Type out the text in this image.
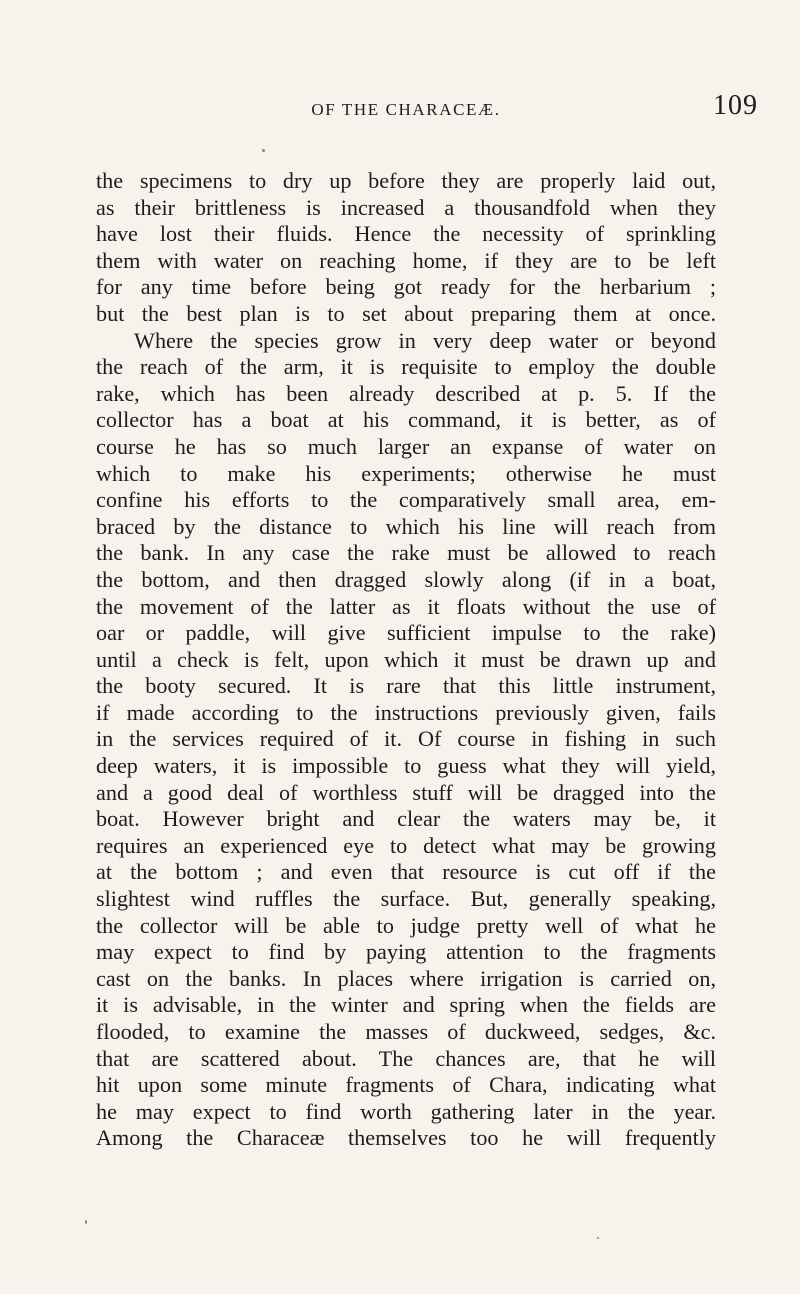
OF THE CHARACEÆ.	109
the specimens to dry up before they are properly laid out,
as their brittleness is increased a thousandfold when they
have lost their fluids. Hence the necessity of sprinkling
them with water on reaching home, if they are to be left
for any time before being got ready for the herbarium ;
but the best plan is to set about preparing them at once.
Where the species grow in very deep water or beyond
the reach of the arm, it is requisite to employ the double
rake, which has been already described at p. 5. If the
collector has a boat at his command, it is better, as of
course he has so much larger an expanse of water on
which to make his experiments; otherwise he must
confine his efforts to the comparatively small area, em-
braced by the distance to which his line will reach from
the bank. In any case the rake must be allowed to reach
the bottom, and then dragged slowly along (if in a boat,
the movement of the latter as it floats without the use of
oar or paddle, will give sufficient impulse to the rake)
until a check is felt, upon which it must be drawn up and
the booty secured. It is rare that this little instrument,
if made according to the instructions previously given, fails
in the services required of it. Of course in fishing in such
deep waters, it is impossible to guess what they will yield,
and a good deal of worthless stuff will be dragged into the
boat. However bright and clear the waters may be, it
requires an experienced eye to detect what may be growing
at the bottom ; and even that resource is cut off if the
slightest wind ruffles the surface. But, generally speaking,
the collector will be able to judge pretty well of what he
may expect to find by paying attention to the fragments
cast on the banks. In places where irrigation is carried on,
it is advisable, in the winter and spring when the fields are
flooded, to examine the masses of duckweed, sedges, &c.
that are scattered about. The chances are, that he will
hit upon some minute fragments of Chara, indicating what
he may expect to find worth gathering later in the year.
Among the Characeæ themselves too he will frequently
